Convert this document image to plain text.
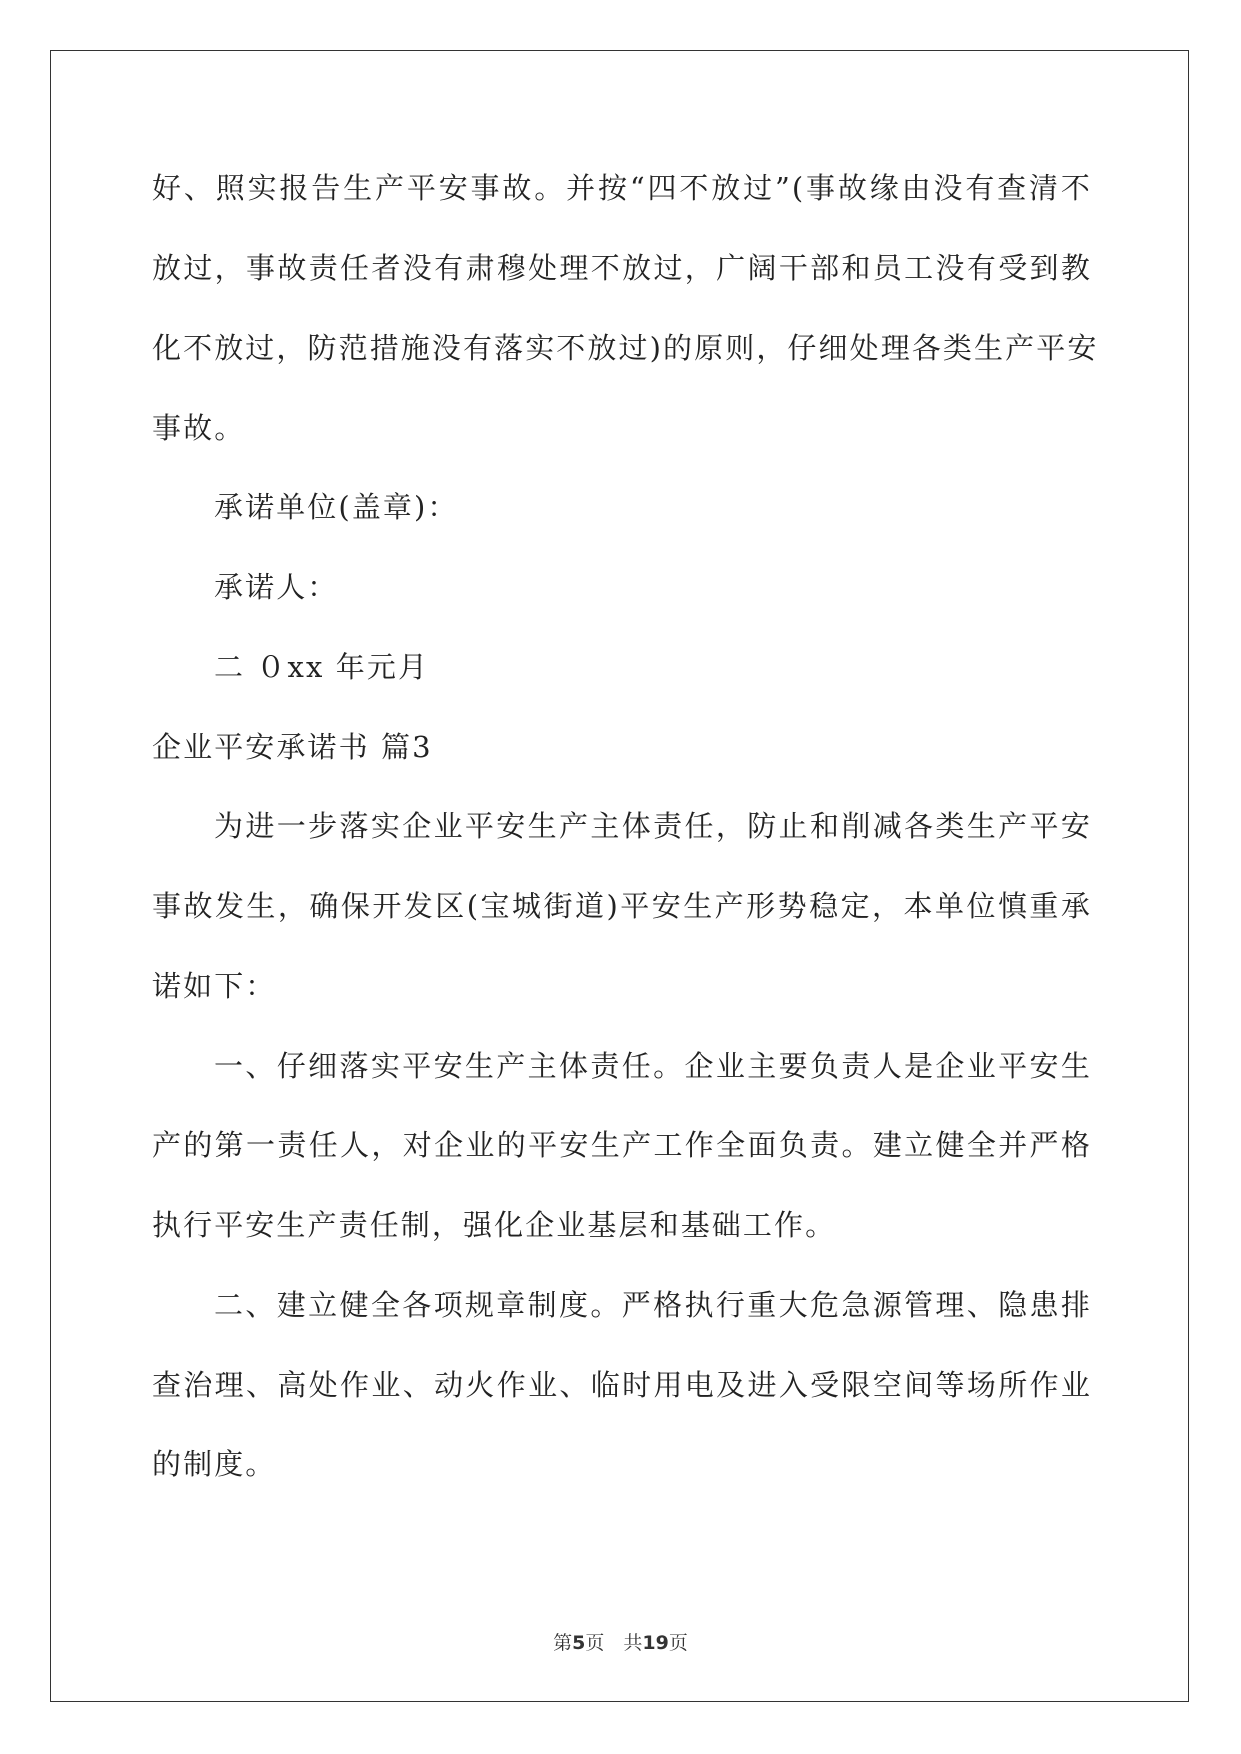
好、照实报告生产平安事故。并按“四不放过”(事故缘由没有查清不
放过，事故责任者没有肃穆处理不放过，广阔干部和员工没有受到教
化不放过，防范措施没有落实不放过)的原则，仔细处理各类生产平安
事故。
承诺单位(盖章)：
承诺人：
二 ０xx 年元月
企业平安承诺书 篇3
为进一步落实企业平安生产主体责任，防止和削减各类生产平安
事故发生，确保开发区(宝城街道)平安生产形势稳定，本单位慎重承
诺如下：
一、仔细落实平安生产主体责任。企业主要负责人是企业平安生
产的第一责任人，对企业的平安生产工作全面负责。建立健全并严格
执行平安生产责任制，强化企业基层和基础工作。
二、建立健全各项规章制度。严格执行重大危急源管理、隐患排
查治理、高处作业、动火作业、临时用电及进入受限空间等场所作业
的制度。
第5页　共19页
